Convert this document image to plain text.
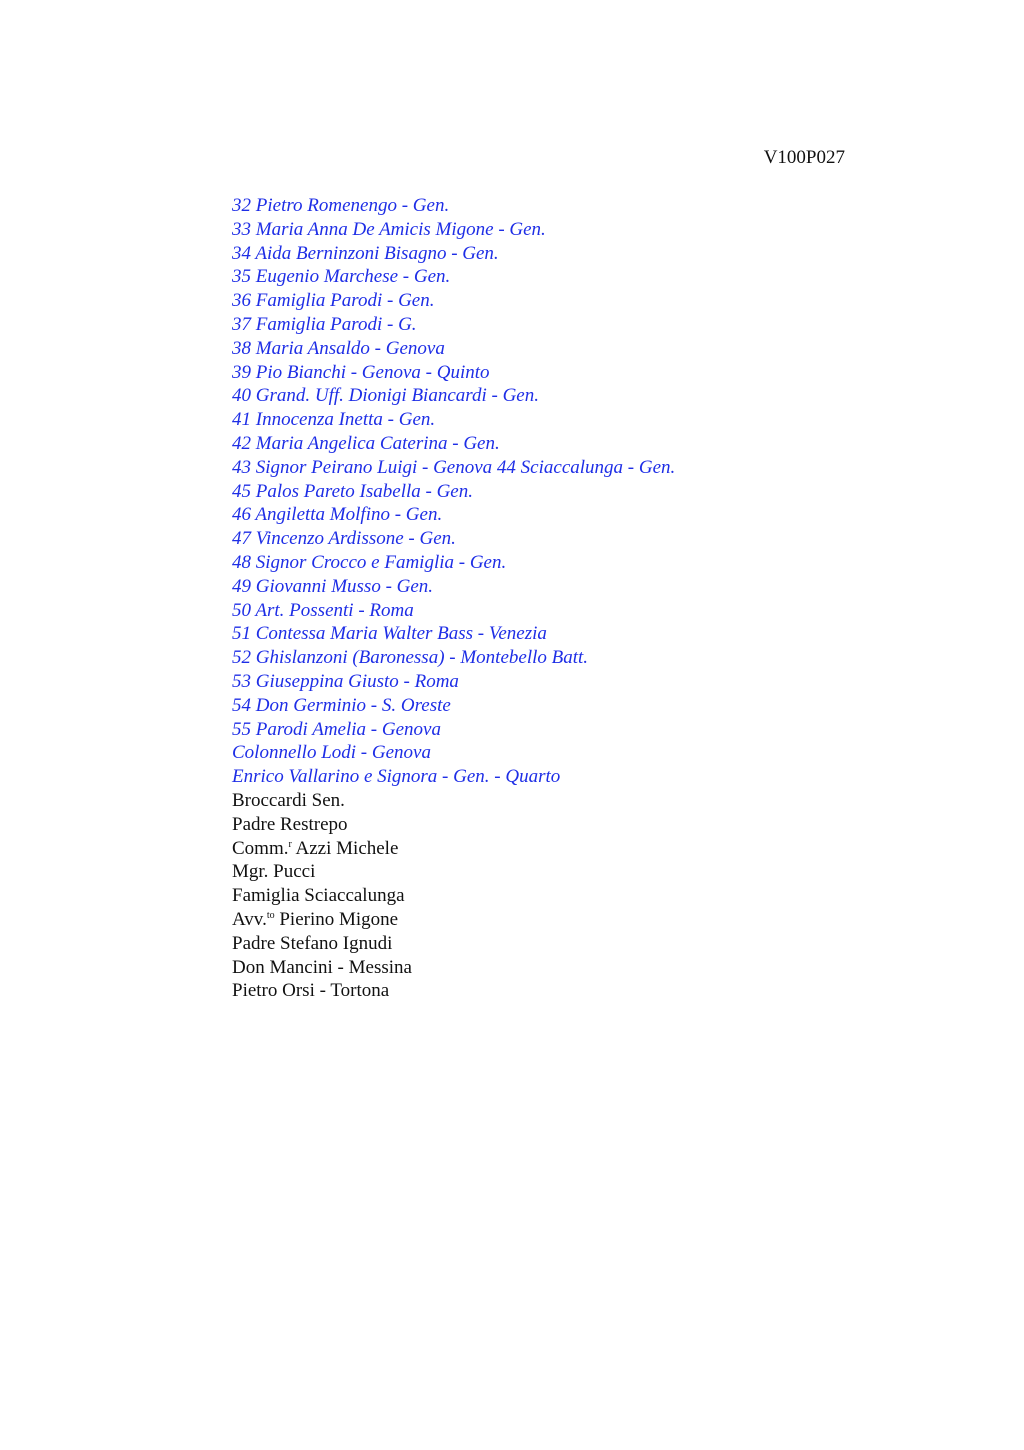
V100P027
32 Pietro Romenengo - Gen.
33 Maria Anna De Amicis Migone - Gen.
34 Aida Berninzoni Bisagno - Gen.
35 Eugenio Marchese - Gen.
36 Famiglia Parodi - Gen.
37 Famiglia Parodi - G.
38 Maria Ansaldo - Genova
39 Pio Bianchi - Genova - Quinto
40 Grand. Uff. Dionigi Biancardi - Gen.
41 Innocenza Inetta - Gen.
42 Maria Angelica Caterina - Gen.
43 Signor Peirano Luigi - Genova 44 Sciaccalunga - Gen.
45 Palos Pareto Isabella - Gen.
46 Angiletta Molfino - Gen.
47 Vincenzo Ardissone - Gen.
48 Signor Crocco e Famiglia - Gen.
49 Giovanni Musso - Gen.
50 Art. Possenti - Roma
51 Contessa Maria Walter Bass - Venezia
52 Ghislanzoni (Baronessa) - Montebello Batt.
53 Giuseppina Giusto - Roma
54 Don Germinio - S. Oreste
55 Parodi Amelia - Genova
Colonnello Lodi - Genova
Enrico Vallarino e Signora - Gen. - Quarto
Broccardi Sen.
Padre Restrepo
Comm.$^r$ Azzi Michele
Mgr. Pucci
Famiglia Sciaccalunga
Avv.$^{to}$ Pierino Migone
Padre Stefano Ignudi
Don Mancini - Messina
Pietro Orsi - Tortona
